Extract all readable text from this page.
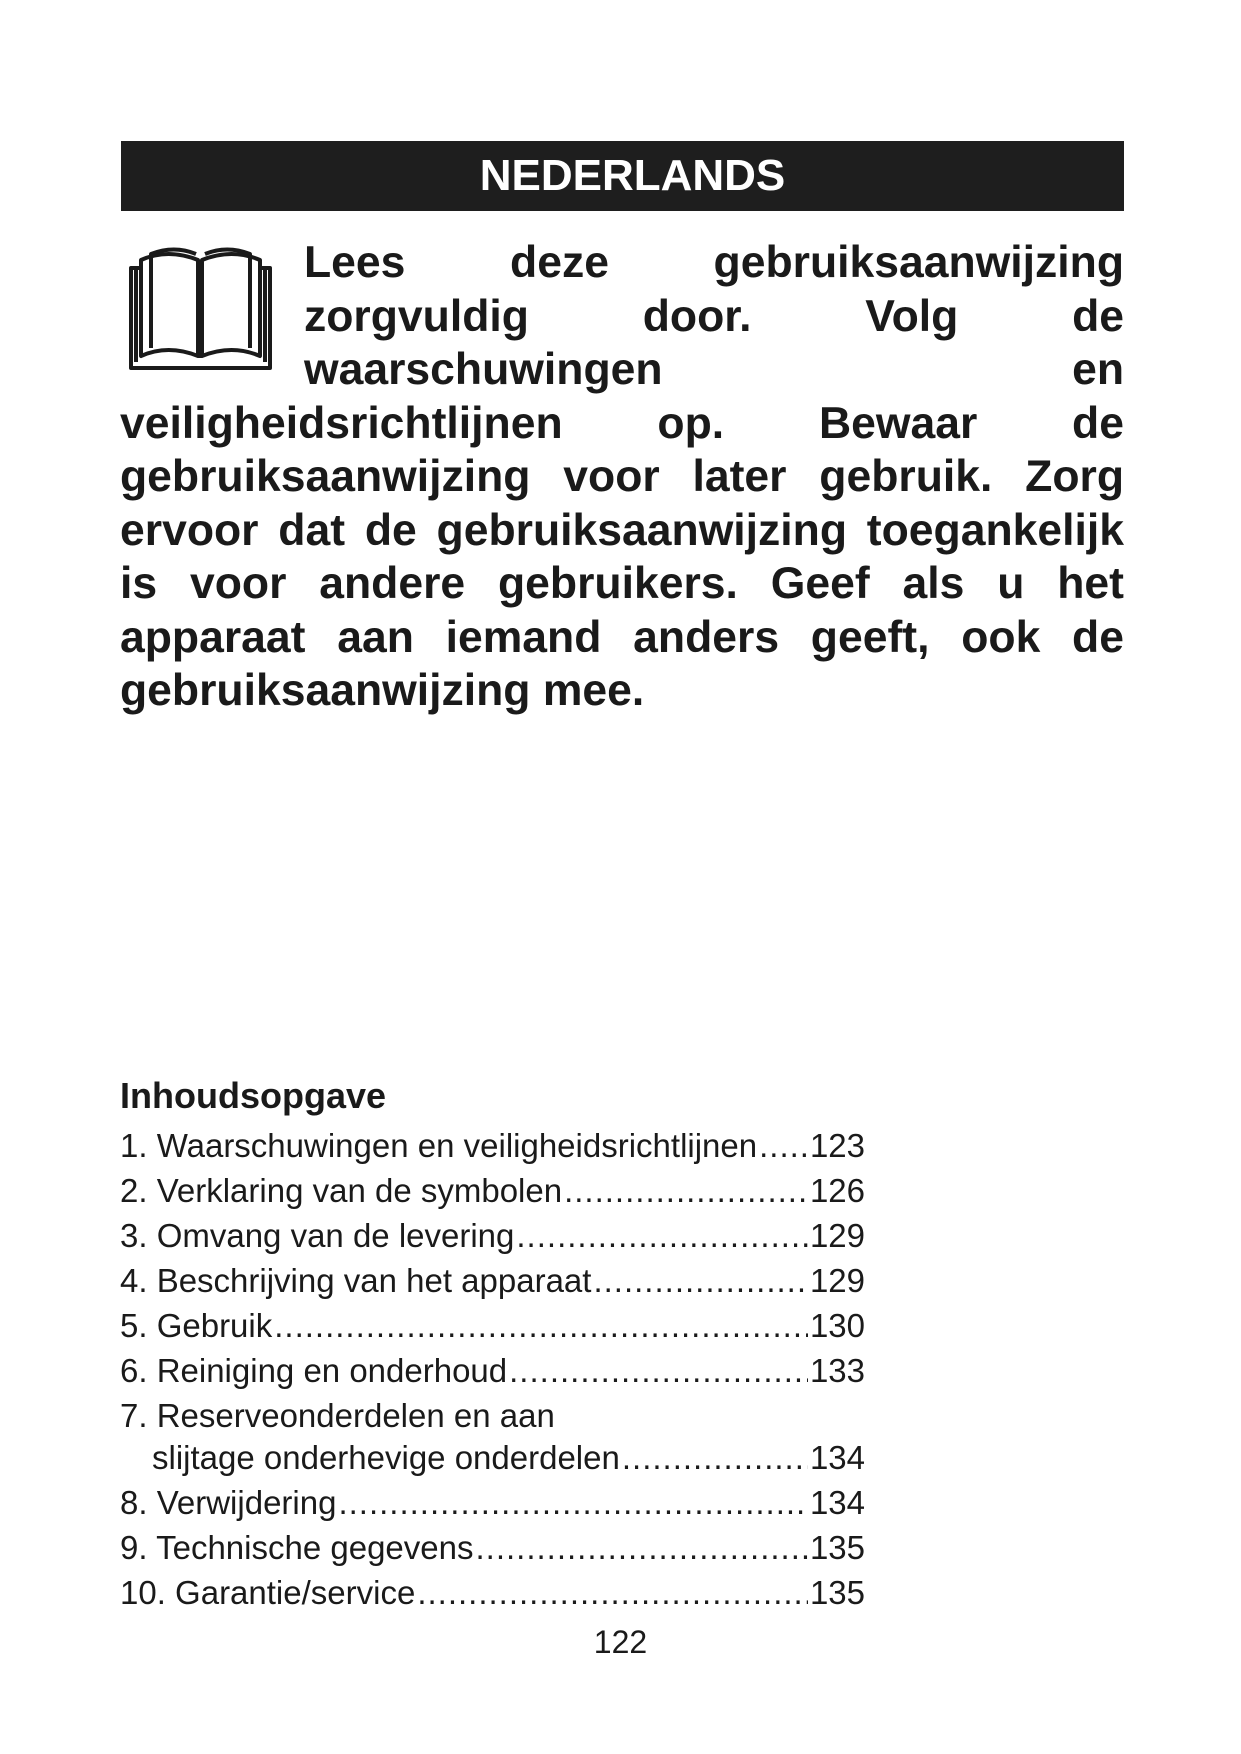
NEDERLANDS

Lees deze gebruiksaanwijzing zorgvuldig door. Volg de waarschuwingen en veiligheidsrichtlijnen op. Bewaar de gebruiksaanwijzing voor later gebruik. Zorg ervoor dat de gebruiksaanwijzing toegankelijk is voor andere gebruikers. Geef als u het apparaat aan iemand anders geeft, ook de gebruiksaanwijzing mee.

Inhoudsopgave
1. Waarschuwingen en veiligheidsrichtlijnen ..... 123
2. Verklaring van de symbolen .....	126
3. Omvang van de levering .....	129
4. Beschrijving van het apparaat .....	129
5. Gebruik .....	130
6. Reiniging en onderhoud .....	133
7. Reserveonderdelen en aan
slijtage onderhevige onderdelen .....	134
8. Verwijdering .....	134
9. Technische gegevens .....	135
10. Garantie/service .....	135
122
